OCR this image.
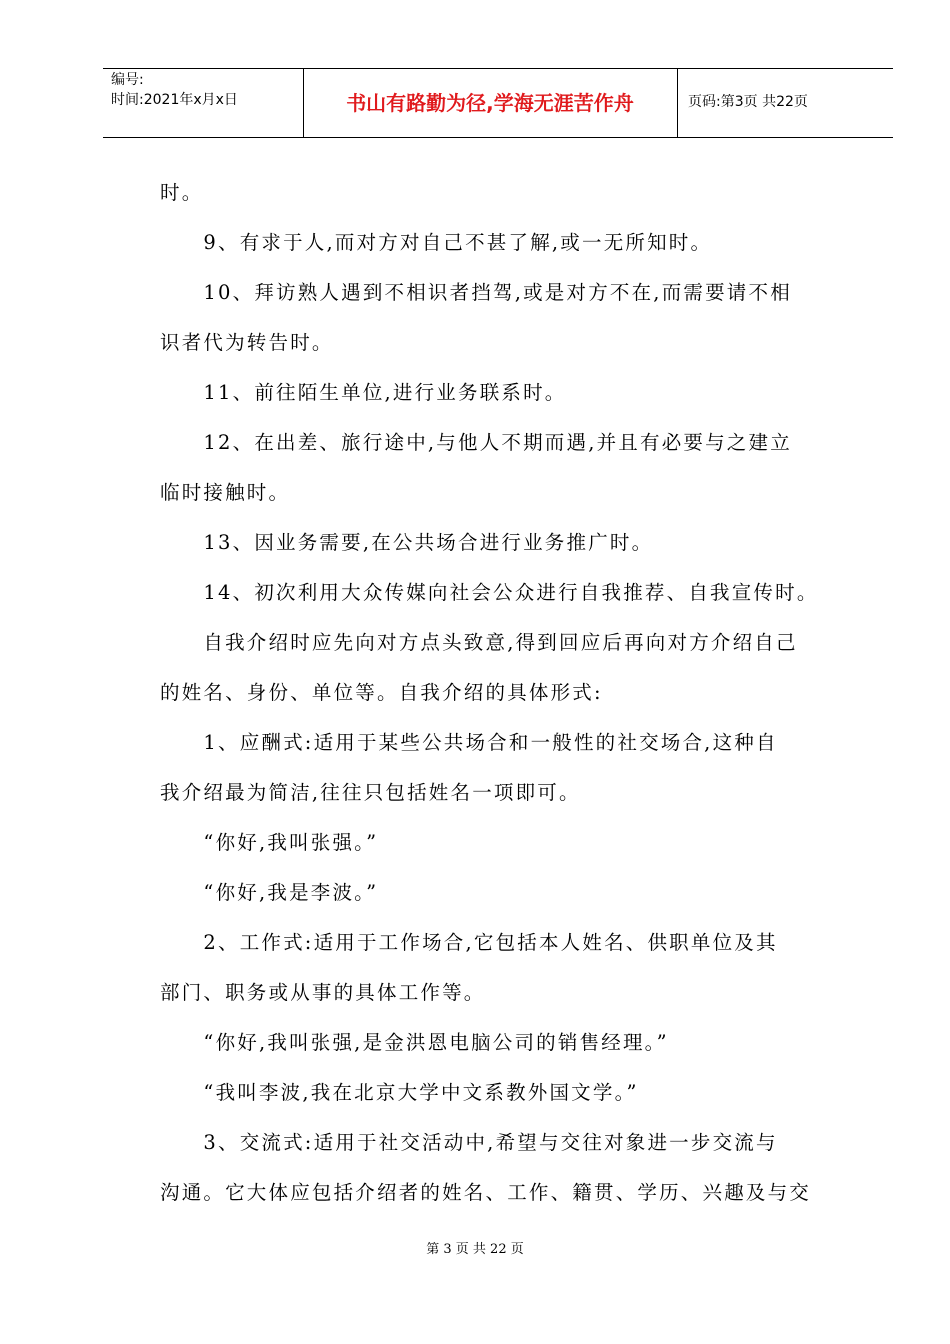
编号:
时间:2021年x月x日	书山有路勤为径,学海无涯苦作舟	页码:第3页 共22页

时。

　　9、有求于人,而对方对自己不甚了解,或一无所知时。

　　10、拜访熟人遇到不相识者挡驾,或是对方不在,而需要请不相

识者代为转告时。

　　11、前往陌生单位,进行业务联系时。

　　12、在出差、旅行途中,与他人不期而遇,并且有必要与之建立

临时接触时。

　　13、因业务需要,在公共场合进行业务推广时。

　　14、初次利用大众传媒向社会公众进行自我推荐、自我宣传时。

　　自我介绍时应先向对方点头致意,得到回应后再向对方介绍自己

的姓名、身份、单位等。自我介绍的具体形式:

　　1、应酬式:适用于某些公共场合和一般性的社交场合,这种自

我介绍最为简洁,往往只包括姓名一项即可。

　　“你好,我叫张强。”

　　“你好,我是李波。”

　　2、工作式:适用于工作场合,它包括本人姓名、供职单位及其

部门、职务或从事的具体工作等。

　　“你好,我叫张强,是金洪恩电脑公司的销售经理。”

　　“我叫李波,我在北京大学中文系教外国文学。”

　　3、交流式:适用于社交活动中,希望与交往对象进一步交流与

沟通。它大体应包括介绍者的姓名、工作、籍贯、学历、兴趣及与交

第 3 页 共 22 页
